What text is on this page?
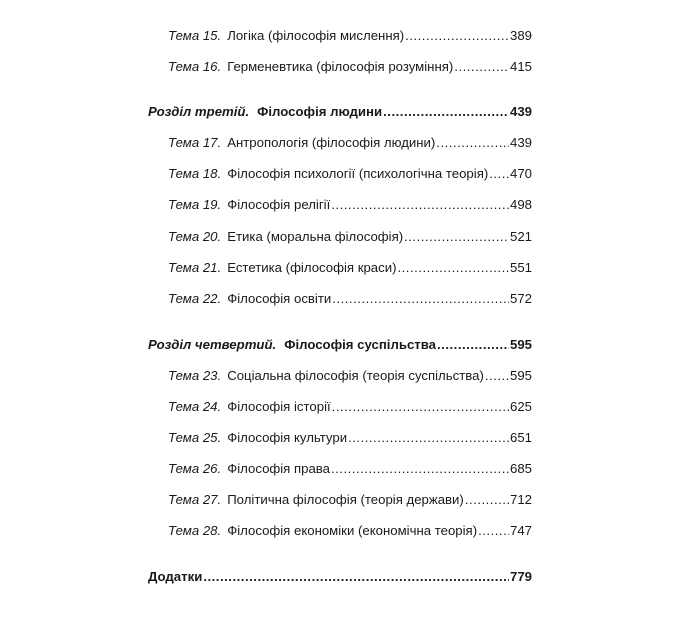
Тема 15. Логіка (філософія мислення) .....	389
Тема 16. Герменевтика (філософія розуміння) .....	415
Розділ третій. Філософія людини .....	439
Тема 17. Антропологія (філософія людини) .....	439
Тема 18. Філософія психології (психологічна теорія) ..... 470
Тема 19. Філософія релігії .....	498
Тема 20. Етика (моральна філософія) .....	521
Тема 21. Естетика (філософія краси) .....	551
Тема 22. Філософія освіти .....	572
Розділ четвертий. Філософія суспільства .....	595
Тема 23. Соціальна філософія (теорія суспільства) ..... 595
Тема 24. Філософія історії .....	625
Тема 25. Філософія культури .....	651
Тема 26. Філософія права .....	685
Тема 27. Політична філософія (теорія держави) .....	712
Тема 28. Філософія економіки (економічна теорія) ..... 747
Додатки .....	779
